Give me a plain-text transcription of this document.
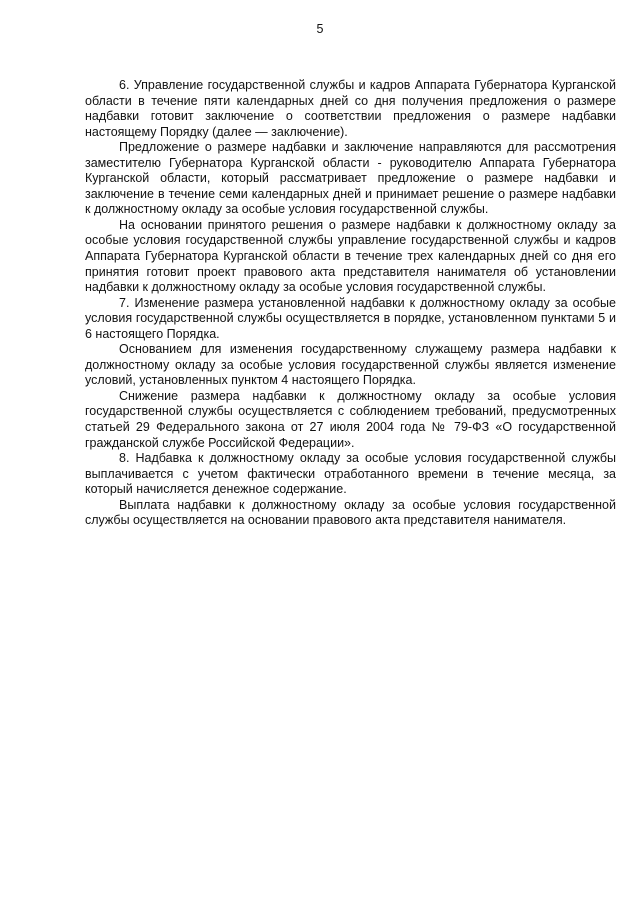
5

6. Управление государственной службы и кадров Аппарата Губернатора Курганской области в течение пяти календарных дней со дня получения предложения о размере надбавки готовит заключение о соответствии предложения о размере надбавки настоящему Порядку (далее — заключение).

Предложение о размере надбавки и заключение направляются для рассмотрения заместителю Губернатора Курганской области - руководителю Аппарата Губернатора Курганской области, который рассматривает предложение о размере надбавки и заключение в течение семи календарных дней и принимает решение о размере надбавки к должностному окладу за особые условия государственной службы.

На основании принятого решения о размере надбавки к должностному окладу за особые условия государственной службы управление государственной службы и кадров Аппарата Губернатора Курганской области в течение трех календарных дней со дня его принятия готовит проект правового акта представителя нанимателя об установлении надбавки к должностному окладу за особые условия государственной службы.

7. Изменение размера установленной надбавки к должностному окладу за особые условия государственной службы осуществляется в порядке, установленном пунктами 5 и 6 настоящего Порядка.

Основанием для изменения государственному служащему размера надбавки к должностному окладу за особые условия государственной службы является изменение условий, установленных пунктом 4 настоящего Порядка.

Снижение размера надбавки к должностному окладу за особые условия государственной службы осуществляется с соблюдением требований, предусмотренных статьей 29 Федерального закона от 27 июля 2004 года № 79-ФЗ «О государственной гражданской службе Российской Федерации».

8. Надбавка к должностному окладу за особые условия государственной службы выплачивается с учетом фактически отработанного времени в течение месяца, за который начисляется денежное содержание.

Выплата надбавки к должностному окладу за особые условия государственной службы осуществляется на основании правового акта представителя нанимателя.
